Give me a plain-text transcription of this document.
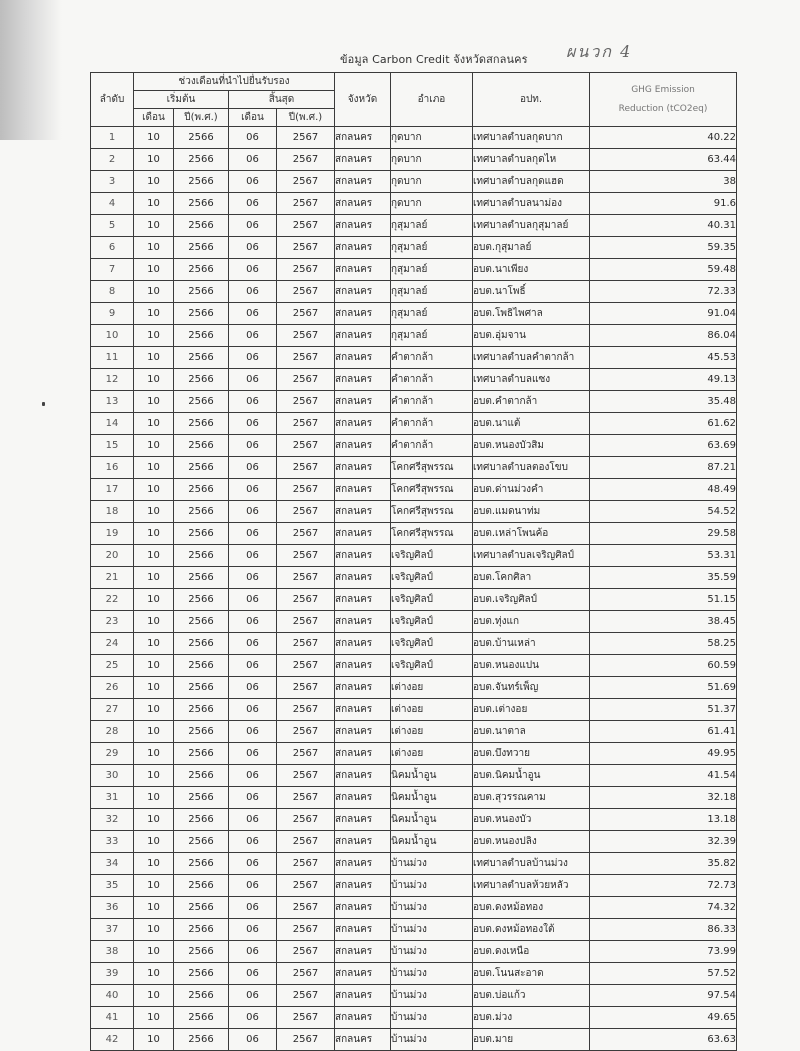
ข้อมูล Carbon Credit จังหวัดสกลนคร	ผนวก 4
ลำดับ	ช่วงเดือนที่นำไปยื่นรับรอง				จังหวัด	อำเภอ	อปท.	GHG Emission
Reduction (tCO2eq)

	เริ่มต้น		สิ้นสุด					
	เดือน	ปี(พ.ศ.)	เดือน	ปี(พ.ศ.)				
1	10	2566	06	2567	สกลนคร	กุดบาก	เทศบาลตำบลกุดบาก	40.22
2	10	2566	06	2567	สกลนคร	กุดบาก	เทศบาลตำบลกุดไห	63.44
3	10	2566	06	2567	สกลนคร	กุดบาก	เทศบาลตำบลกุดแฮด	38
4	10	2566	06	2567	สกลนคร	กุดบาก	เทศบาลตำบลนาม่อง	91.6
5	10	2566	06	2567	สกลนคร	กุสุมาลย์	เทศบาลตำบลกุสุมาลย์	40.31
6	10	2566	06	2567	สกลนคร	กุสุมาลย์	อบต.กุสุมาลย์	59.35
7	10	2566	06	2567	สกลนคร	กุสุมาลย์	อบต.นาเพียง	59.48
8	10	2566	06	2567	สกลนคร	กุสุมาลย์	อบต.นาโพธิ์	72.33
9	10	2566	06	2567	สกลนคร	กุสุมาลย์	อบต.โพธิไพศาล	91.04
10	10	2566	06	2567	สกลนคร	กุสุมาลย์	อบต.อุ่มจาน	86.04
11	10	2566	06	2567	สกลนคร	คำตากล้า	เทศบาลตำบลคำตากล้า	45.53
12	10	2566	06	2567	สกลนคร	คำตากล้า	เทศบาลตำบลแซง	49.13
13	10	2566	06	2567	สกลนคร	คำตากล้า	อบต.คำตากล้า	35.48
14	10	2566	06	2567	สกลนคร	คำตากล้า	อบต.นาแต้	61.62
15	10	2566	06	2567	สกลนคร	คำตากล้า	อบต.หนองบัวสิม	63.69
16	10	2566	06	2567	สกลนคร	โคกศรีสุพรรณ	เทศบาลตำบลตองโขบ	87.21
17	10	2566	06	2567	สกลนคร	โคกศรีสุพรรณ	อบต.ด่านม่วงคำ	48.49
18	10	2566	06	2567	สกลนคร	โคกศรีสุพรรณ	อบต.แมดนาท่ม	54.52
19	10	2566	06	2567	สกลนคร	โคกศรีสุพรรณ	อบต.เหล่าโพนค้อ	29.58
20	10	2566	06	2567	สกลนคร	เจริญศิลป์	เทศบาลตำบลเจริญศิลป์	53.31
21	10	2566	06	2567	สกลนคร	เจริญศิลป์	อบต.โคกศิลา	35.59
22	10	2566	06	2567	สกลนคร	เจริญศิลป์	อบต.เจริญศิลป์	51.15
23	10	2566	06	2567	สกลนคร	เจริญศิลป์	อบต.ทุ่งแก	38.45
24	10	2566	06	2567	สกลนคร	เจริญศิลป์	อบต.บ้านเหล่า	58.25
25	10	2566	06	2567	สกลนคร	เจริญศิลป์	อบต.หนองแปน	60.59
26	10	2566	06	2567	สกลนคร	เต่างอย	อบต.จันทร์เพ็ญ	51.69
27	10	2566	06	2567	สกลนคร	เต่างอย	อบต.เต่างอย	51.37
28	10	2566	06	2567	สกลนคร	เต่างอย	อบต.นาตาล	61.41
29	10	2566	06	2567	สกลนคร	เต่างอย	อบต.บึงทวาย	49.95
30	10	2566	06	2567	สกลนคร	นิคมน้ำอูน	อบต.นิคมน้ำอูน	41.54
31	10	2566	06	2567	สกลนคร	นิคมน้ำอูน	อบต.สุวรรณคาม	32.18
32	10	2566	06	2567	สกลนคร	นิคมน้ำอูน	อบต.หนองบัว	13.18
33	10	2566	06	2567	สกลนคร	นิคมน้ำอูน	อบต.หนองปลิง	32.39
34	10	2566	06	2567	สกลนคร	บ้านม่วง	เทศบาลตำบลบ้านม่วง	35.82
35	10	2566	06	2567	สกลนคร	บ้านม่วง	เทศบาลตำบลห้วยหลัว	72.73
36	10	2566	06	2567	สกลนคร	บ้านม่วง	อบต.ดงหม้อทอง	74.32
37	10	2566	06	2567	สกลนคร	บ้านม่วง	อบต.ดงหม้อทองใต้	86.33
38	10	2566	06	2567	สกลนคร	บ้านม่วง	อบต.ดงเหนือ	73.99
39	10	2566	06	2567	สกลนคร	บ้านม่วง	อบต.โนนสะอาด	57.52
40	10	2566	06	2567	สกลนคร	บ้านม่วง	อบต.บ่อแก้ว	97.54
41	10	2566	06	2567	สกลนคร	บ้านม่วง	อบต.ม่วง	49.65
42	10	2566	06	2567	สกลนคร	บ้านม่วง	อบต.มาย	63.63
